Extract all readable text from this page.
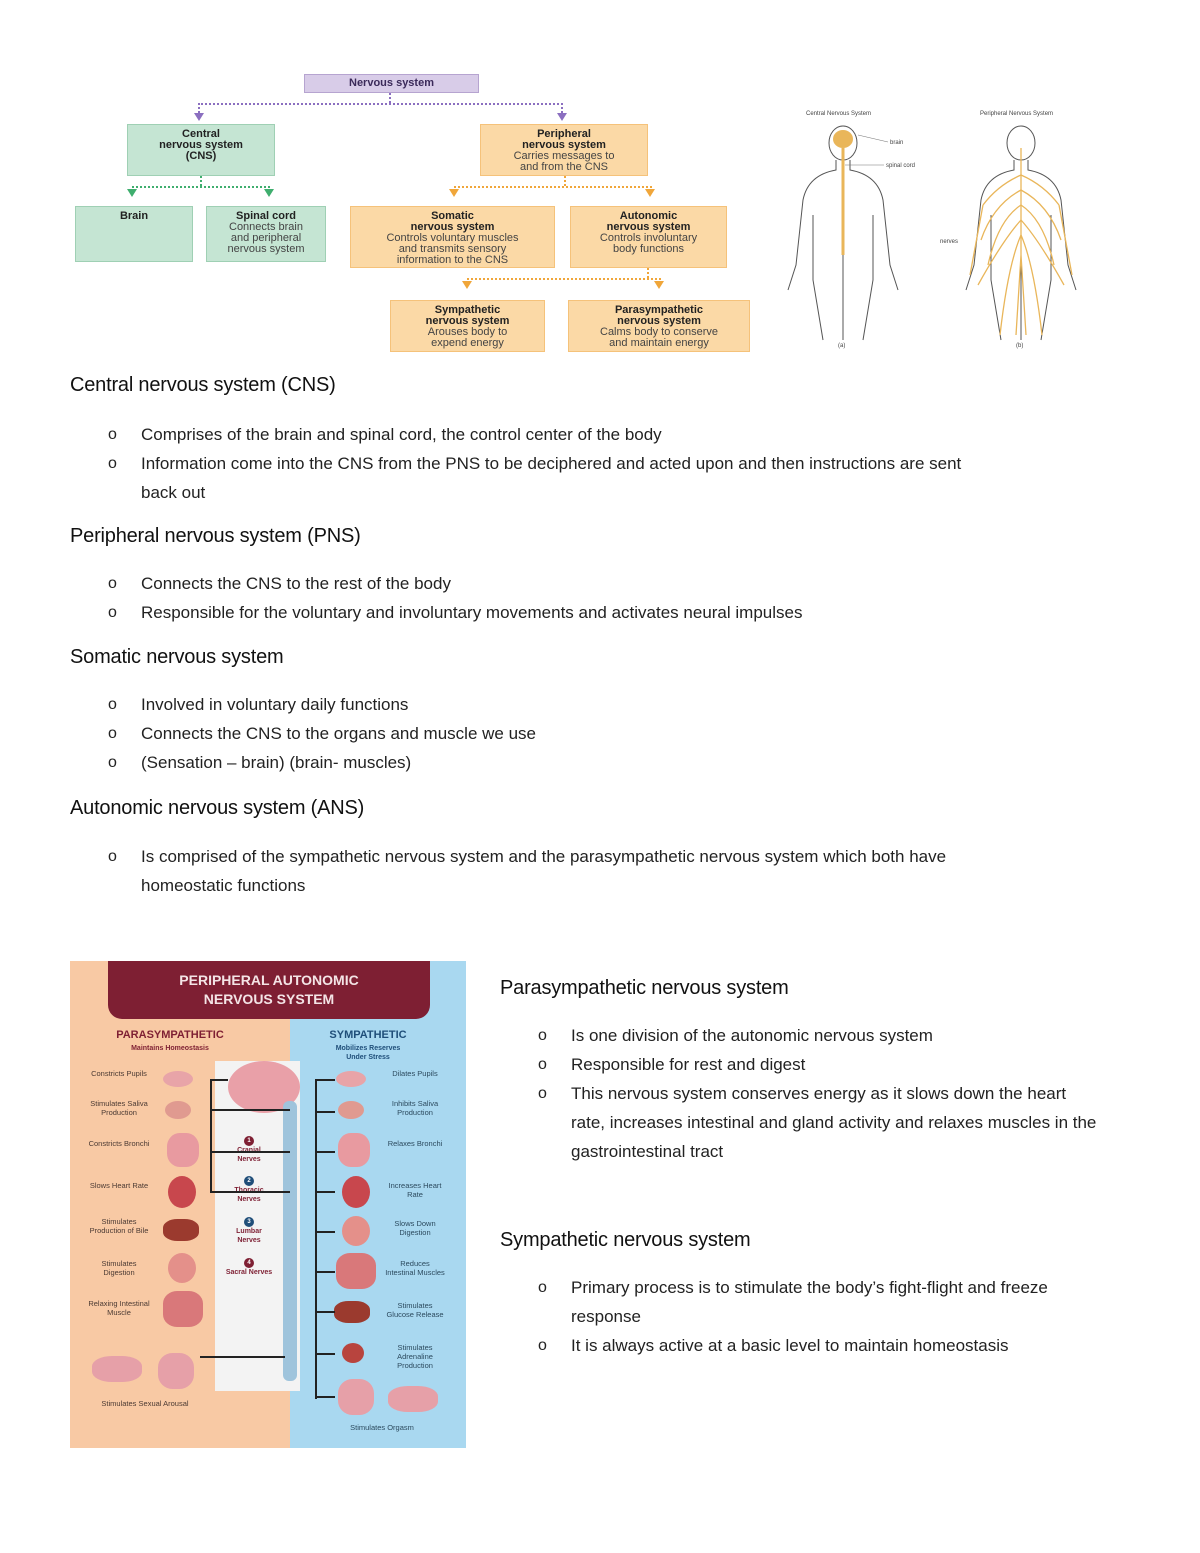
Nervous system
Central
nervous system
(CNS)
Peripheral
nervous system
Carries messages to
and from the CNS
Brain	Spinal cord
Connects brain
and peripheral
nervous system
Somatic
nervous system
Controls voluntary muscles
and transmits sensory
information to the CNS
Autonomic
nervous system
Controls involuntary
body functions
Sympathetic
nervous system
Arouses body to
expend energy
Parasympathetic
nervous system
Calms body to conserve
and maintain energy
Central Nervous System	Peripheral Nervous System
brain
spinal cord
nerves
(a)	(b)
Central nervous system (CNS)
o Comprises of the brain and spinal cord, the control center of the body
o Information come into the CNS from the PNS to be deciphered and acted upon and then instructions are sent
back out
Peripheral nervous system (PNS)
o Connects the CNS to the rest of the body
o Responsible for the voluntary and involuntary movements and activates neural impulses
Somatic nervous system
o Involved in voluntary daily functions
o Connects the CNS to the organs and muscle we use
o (Sensation – brain) (brain- muscles)
Autonomic nervous system (ANS)
o Is comprised of the sympathetic nervous system and the parasympathetic nervous system which both have
homeostatic functions
Parasympathetic nervous system
o Is one division of the autonomic nervous system
o Responsible for rest and digest
o This nervous system conserves energy as it slows down the heart
rate, increases intestinal and gland activity and relaxes muscles in the
gastrointestinal tract
Sympathetic nervous system
o Primary process is to stimulate the body’s fight-flight and freeze
response
o It is always active at a basic level to maintain homeostasis
PERIPHERAL AUTONOMIC
NERVOUS SYSTEM
PARASYMPATHETIC
Maintains Homeostasis
SYMPATHETIC
Mobilizes Reserves
Under Stress
1
Nerves
2
Nerves
3
Lumbar Nerves
4
Sacral Nerves
Constricts Pupils
Stimulates Saliva Production
Constricts Bronchi
Slows Heart Rate
Stimulates Production of Bile
Stimulates Digestion
Relaxing Intestinal Muscle
Stimulates Sexual Arousal
Dilates Pupils
Inhibits Saliva Production
Relaxes Bronchi
Increases Heart Rate
Slows Down Digestion
Reduces Intestinal Muscles
Stimulates Glucose Release
Stimulates Adrenaline Production
Stimulates Orgasm
